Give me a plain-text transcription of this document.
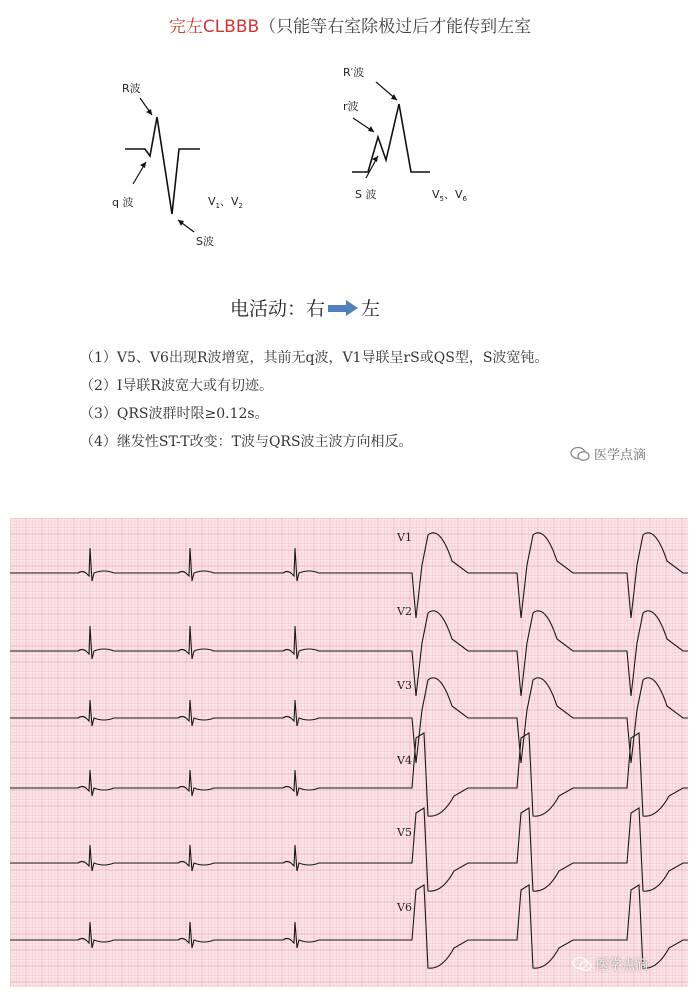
完左CLBBB（只能等右室除极过后才能传到左室
R波
q 波
S波
$V_1$、$V_2$
R′波
r波
S 波	$V_5$、$V_6$
电活动：右 左
（1）V5、V6出现R波增宽，其前无q波，V1导联呈rS或QS型，S波宽钝。
（2）Ⅰ导联R波宽大或有切迹。
（3）QRS波群时限≥0.12s。
（4）继发性ST-T改变：T波与QRS波主波方向相反。
医学点滴
V1
V2
V3
V4
V5
V6
医学点滴
